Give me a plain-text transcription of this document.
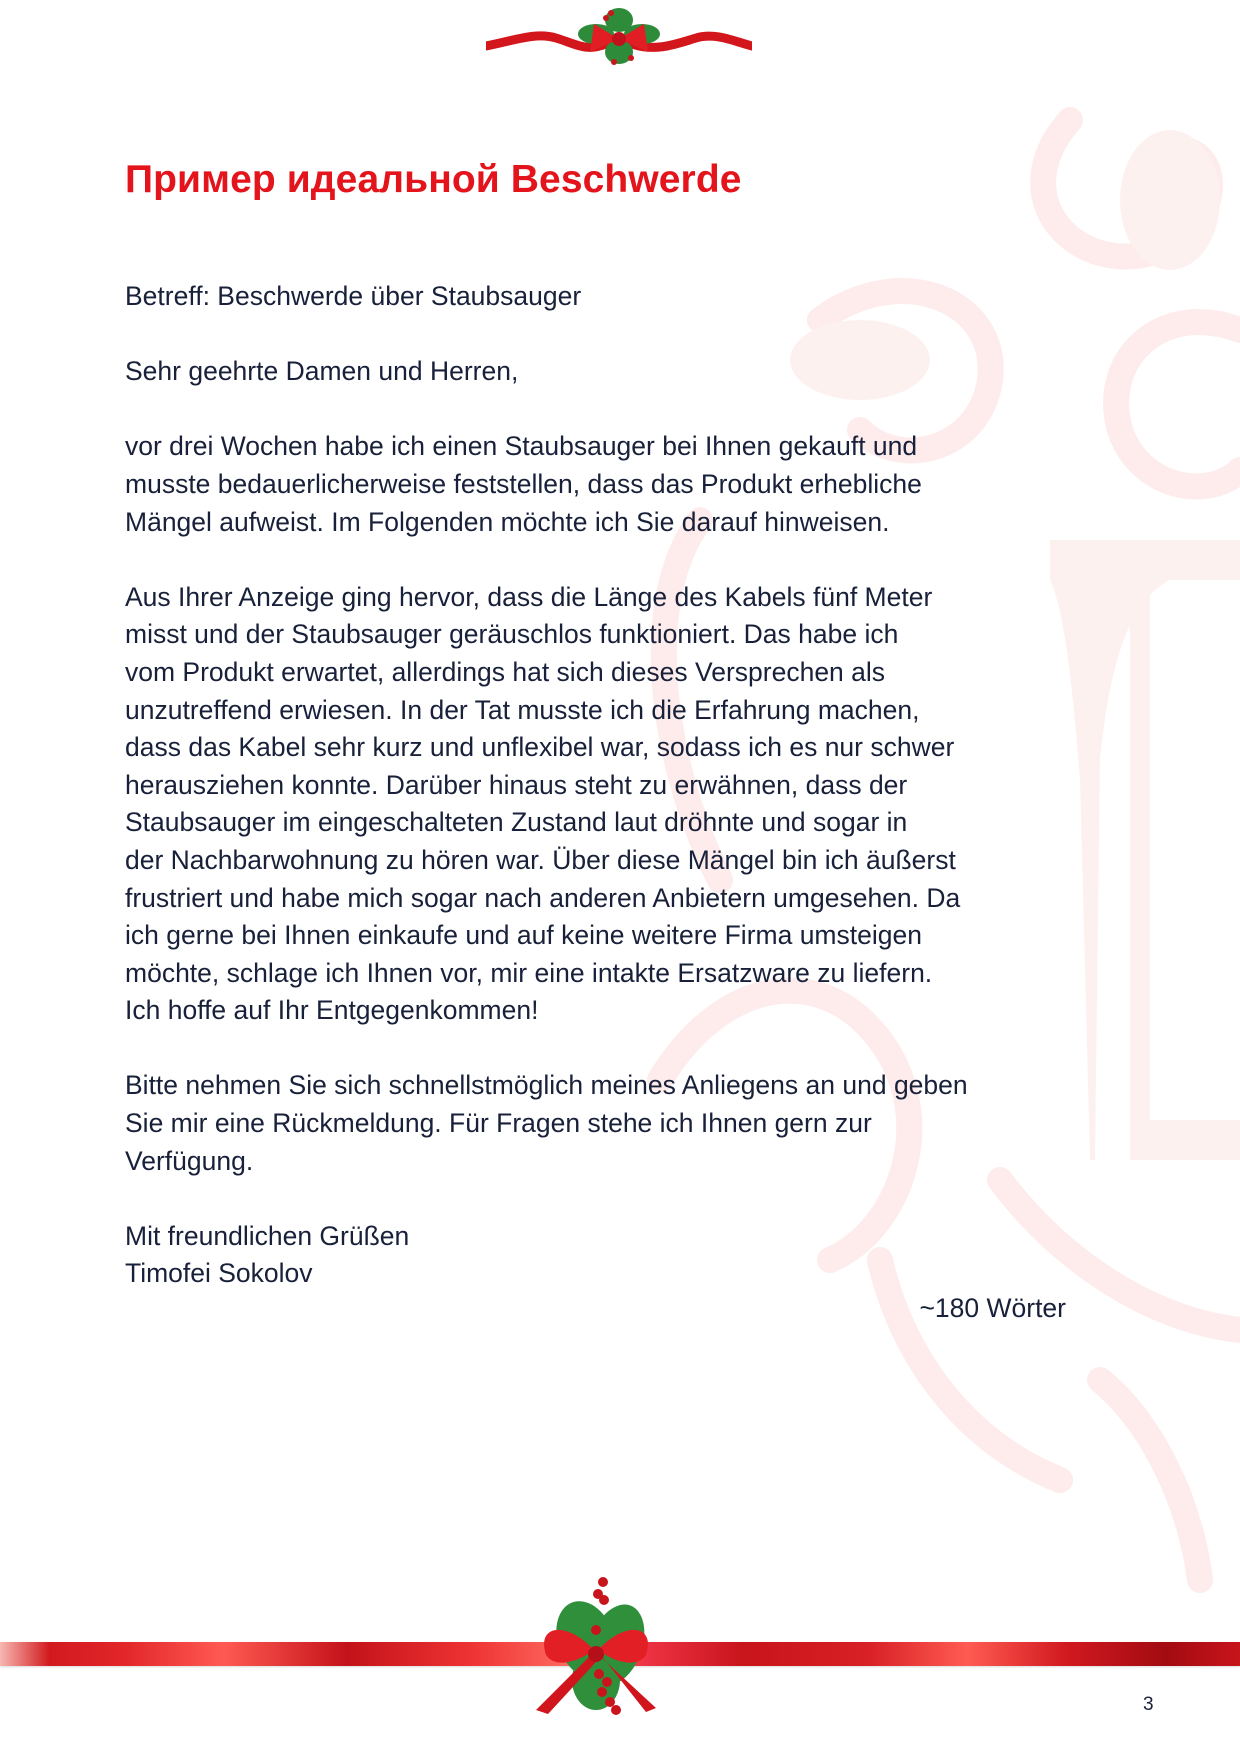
Пример идеальной Beschwerde

Betreff: Beschwerde über Staubsauger

Sehr geehrte Damen und Herren,

vor drei Wochen habe ich einen Staubsauger bei Ihnen gekauft und
musste bedauerlicherweise feststellen, dass das Produkt erhebliche
Mängel aufweist. Im Folgenden möchte ich Sie darauf hinweisen.

Aus Ihrer Anzeige ging hervor, dass die Länge des Kabels fünf Meter
misst und der Staubsauger geräuschlos funktioniert. Das habe ich
vom Produkt erwartet, allerdings hat sich dieses Versprechen als
unzutreffend erwiesen. In der Tat musste ich die Erfahrung machen,
dass das Kabel sehr kurz und unflexibel war, sodass ich es nur schwer
herausziehen konnte. Darüber hinaus steht zu erwähnen, dass der
Staubsauger im eingeschalteten Zustand laut dröhnte und sogar in
der Nachbarwohnung zu hören war. Über diese Mängel bin ich äußerst
frustriert und habe mich sogar nach anderen Anbietern umgesehen. Da
ich gerne bei Ihnen einkaufe und auf keine weitere Firma umsteigen
möchte, schlage ich Ihnen vor, mir eine intakte Ersatzware zu liefern.
Ich hoffe auf Ihr Entgegenkommen!

Bitte nehmen Sie sich schnellstmöglich meines Anliegens an und geben
Sie mir eine Rückmeldung. Für Fragen stehe ich Ihnen gern zur
Verfügung.

Mit freundlichen Grüßen
Timofei Sokolov

~180 Wörter
3
